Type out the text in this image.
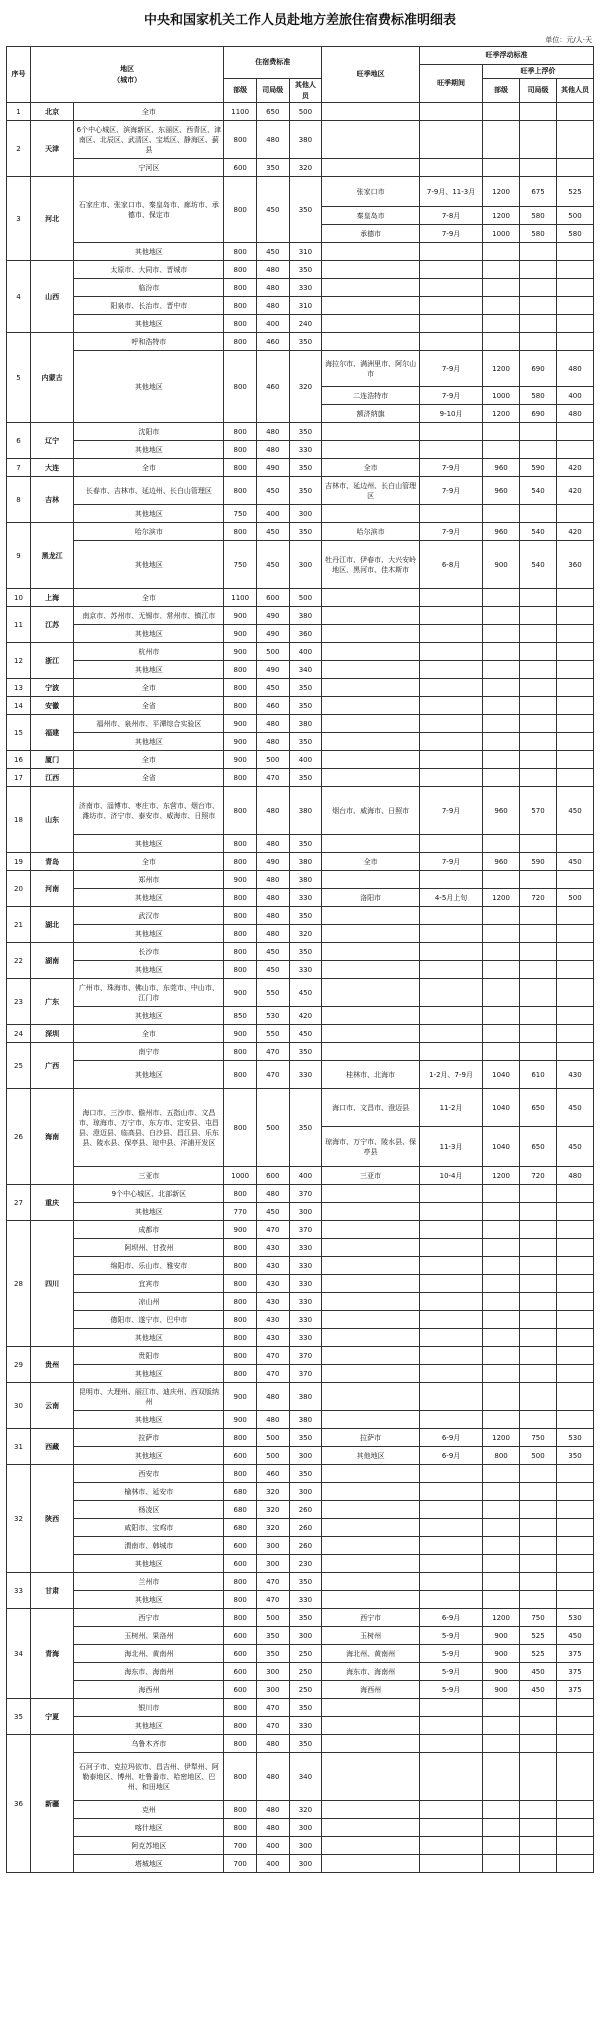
中央和国家机关工作人员赴地方差旅住宿费标准明细表
单位：元/人·天
序号	地区
（城市）		住宿费标准			旺季地区	旺季浮动标准			
							旺季期间	旺季上浮价		
			部级	司局级	其他人员			部级	司局级	其他人员
1	北京	全市	1100	650	500					
2	天津	6个中心城区、滨海新区、东丽区、西青区、津南区、北辰区、武清区、宝坻区、静海区、蓟县	800	480	380					
		宁河区	600	350	320					
3	河北	石家庄市、张家口市、秦皇岛市、廊坊市、承德市、保定市	800	450	350	张家口市	7-9月、11-3月	1200	675	525
						秦皇岛市	7-8月	1200	580	500
						承德市	7-9月	1000	580	580
		其他地区	800	450	310					
4	山西	太原市、大同市、晋城市	800	480	350					
		临汾市	800	480	330					
		阳泉市、长治市、晋中市	800	480	310					
		其他地区	800	400	240					
5	内蒙古	呼和浩特市	800	460	350					
		其他地区	800	460	320	海拉尔市、满洲里市、阿尔山市	7-9月	1200	690	480
						二连浩特市	7-9月	1000	580	400
						额济纳旗	9-10月	1200	690	480
6	辽宁	沈阳市	800	480	350					
		其他地区	800	480	330					
7	大连	全市	800	490	350	全市	7-9月	960	590	420
8	吉林	长春市、吉林市、延边州、长白山管理区	800	450	350	吉林市、延边州、长白山管理区	7-9月	960	540	420
		其他地区	750	400	300					
9	黑龙江	哈尔滨市	800	450	350	哈尔滨市	7-9月	960	540	420
		其他地区	750	450	300	牡丹江市、伊春市、大兴安岭地区、黑河市、佳木斯市	6-8月	900	540	360
10	上海	全市	1100	600	500					
11	江苏	南京市、苏州市、无锡市、常州市、镇江市	900	490	380					
		其他地区	900	490	360					
12	浙江	杭州市	900	500	400					
		其他地区	800	490	340					
13	宁波	全市	800	450	350					
14	安徽	全省	800	460	350					
15	福建	福州市、泉州市、平潭综合实验区	900	480	380					
		其他地区	900	480	350					
16	厦门	全市	900	500	400					
17	江西	全省	800	470	350					
18	山东	济南市、淄博市、枣庄市、东营市、烟台市、潍坊市、济宁市、泰安市、威海市、日照市	800	480	380	烟台市、威海市、日照市	7-9月	960	570	450
		其他地区	800	480	350					
19	青岛	全市	800	490	380	全市	7-9月	960	590	450
20	河南	郑州市	900	480	380					
		其他地区	800	480	330	洛阳市	4-5月上旬	1200	720	500
21	湖北	武汉市	800	480	350					
		其他地区	800	480	320					
22	湖南	长沙市	800	450	350					
		其他地区	800	450	330					
23	广东	广州市、珠海市、佛山市、东莞市、中山市、江门市	900	550	450					
		其他地区	850	530	420					
24	深圳	全市	900	550	450					
25	广西	南宁市	800	470	350					
		其他地区	800	470	330	桂林市、北海市	1-2月、7-9月	1040	610	430
26	海南	海口市、三沙市、儋州市、五指山市、文昌市、琼海市、万宁市、东方市、定安县、屯昌县、澄迈县、临高县、白沙县、昌江县、乐东县、陵水县、保亭县、琼中县、洋浦开发区	800	500	350	海口市、文昌市、澄迈县	11-2月	1040	650	450
						琼海市、万宁市、陵水县、保亭县	11-3月	1040	650	450
		三亚市	1000	600	400	三亚市	10-4月	1200	720	480
27	重庆	9个中心城区、北部新区	800	480	370					
		其他地区	770	450	300					
28	四川	成都市	900	470	370					
		阿坝州、甘孜州	800	430	330					
		绵阳市、乐山市、雅安市	800	430	330					
		宜宾市	800	430	330					
		凉山州	800	430	330					
		德阳市、遂宁市、巴中市	800	430	330					
		其他地区	800	430	330					
29	贵州	贵阳市	800	470	370					
		其他地区	800	470	370					
30	云南	昆明市、大理州、丽江市、迪庆州、西双版纳州	900	480	380					
		其他地区	900	480	380					
31	西藏	拉萨市	800	500	350	拉萨市	6-9月	1200	750	530
		其他地区	600	500	300	其他地区	6-9月	800	500	350
32	陕西	西安市	800	460	350					
		榆林市、延安市	680	320	300					
		杨凌区	680	320	260					
		咸阳市、宝鸡市	680	320	260					
		渭南市、韩城市	600	300	260					
		其他地区	600	300	230					
33	甘肃	兰州市	800	470	350					
		其他地区	800	470	330					
34	青海	西宁市	800	500	350	西宁市	6-9月	1200	750	530
		玉树州、果洛州	600	350	300	玉树州	5-9月	900	525	450
		海北州、黄南州	600	350	250	海北州、黄南州	5-9月	900	525	375
		海东市、海南州	600	300	250	海东市、海南州	5-9月	900	450	375
		海西州	600	300	250	海西州	5-9月	900	450	375
35	宁夏	银川市	800	470	350					
		其他地区	800	470	330					
36	新疆	乌鲁木齐市	800	480	350					
		石河子市、克拉玛依市、昌吉州、伊犁州、阿勒泰地区、博州、吐鲁番市、哈密地区、巴州、和田地区	800	480	340					
		克州	800	480	320					
		喀什地区	800	480	300					
		阿克苏地区	700	400	300					
		塔城地区	700	400	300					
